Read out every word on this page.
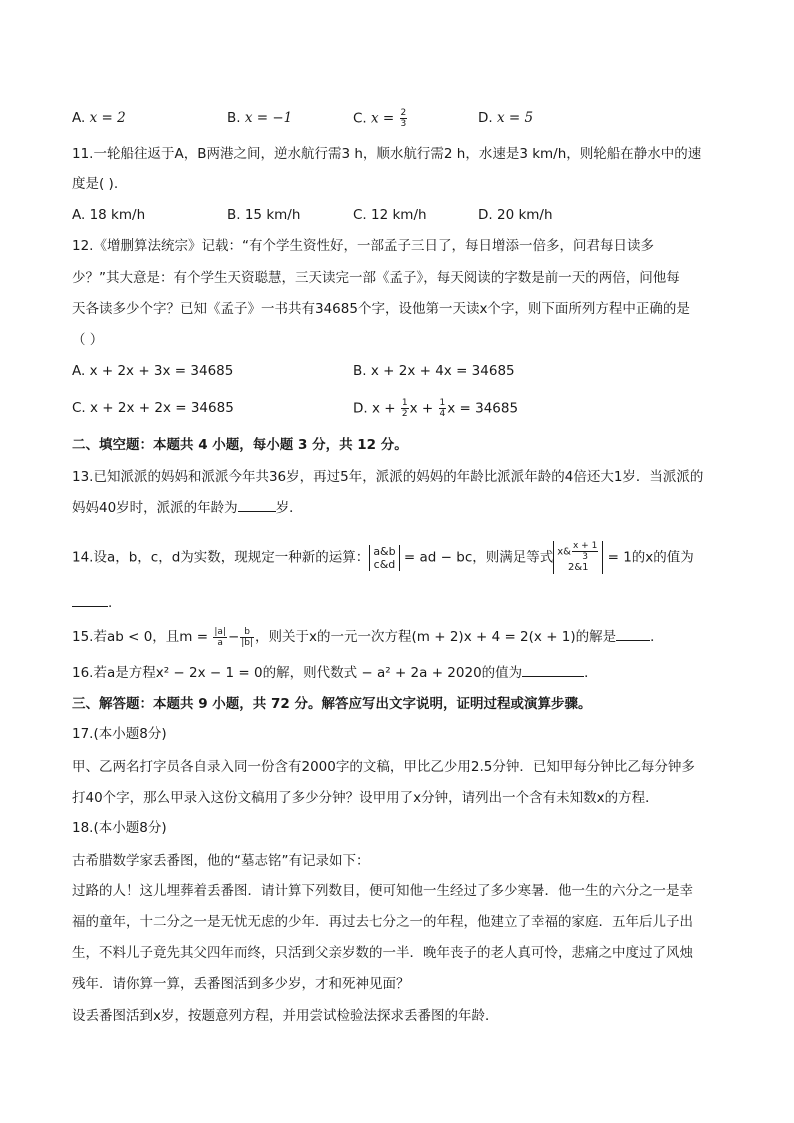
A. x = 2	B. x = −1	C. $x = \frac{2}{3}$	D. x = 5
11.一轮船往返于A，B两港之间，逆水航行需3 h，顺水航行需2 h，水速是3 km/h，则轮船在静水中的速
度是( ).
A. 18 km/h	B. 15 km/h	C. 12 km/h	D. 20 km/h
12.《增删算法统宗》记载：“有个学生资性好，一部孟子三日了，每日增添一倍多，问君每日读多
少？”其大意是：有个学生天资聪慧，三天读完一部《孟子》，每天阅读的字数是前一天的两倍，问他每
天各读多少个字？已知《孟子》一书共有34685个字，设他第一天读x个字，则下面所列方程中正确的是
（ ）
A. x + 2x + 3x = 34685	B. x + 2x + 4x = 34685
C. x + 2x + 2x = 34685	D. $x + \frac{1}{2}$ $x + \frac{1}{4}$ x = 34685
二、填空题：本题共 4 小题，每小题 3 分，共 12 分。
13.已知派派的妈妈和派派今年共36岁，再过5年，派派的妈妈的年龄比派派年龄的4倍还大1岁．当派派的
妈妈40岁时，派派的年龄为	岁．
14.设a，b，c，d为实数，现规定一种新的运算： a&b
c&d = ad − bc，则满足等式 x& $\frac{x + 1}{3}$
2&1
= 1的x的值为
.
15.若ab < 0，且$m = \frac{|a|}{a} - \frac{b}{|b|}$ ，则关于x的一元一次方程(m + 2)x + 4 = 2(x + 1)的解是	．
16.若a是方程x² − 2x − 1 = 0的解，则代数式 − a² + 2a + 2020的值为	．
三、解答题：本题共 9 小题，共 72 分。解答应写出文字说明，证明过程或演算步骤。
17.(本小题8分)
甲、乙两名打字员各自录入同一份含有2000字的文稿，甲比乙少用2.5分钟．已知甲每分钟比乙每分钟多
打40个字，那么甲录入这份文稿用了多少分钟？设甲用了x分钟，请列出一个含有未知数x的方程．
18.(本小题8分)
古希腊数学家丢番图，他的“墓志铭”有记录如下：
过路的人！这儿埋葬着丢番图．请计算下列数目，便可知他一生经过了多少寒暑．他一生的六分之一是幸
福的童年，十二分之一是无忧无虑的少年．再过去七分之一的年程，他建立了幸福的家庭．五年后儿子出
生，不料儿子竟先其父四年而终，只活到父亲岁数的一半．晚年丧子的老人真可怜，悲痛之中度过了风烛
残年．请你算一算，丢番图活到多少岁，才和死神见面？
设丢番图活到x岁，按题意列方程，并用尝试检验法探求丢番图的年龄．
